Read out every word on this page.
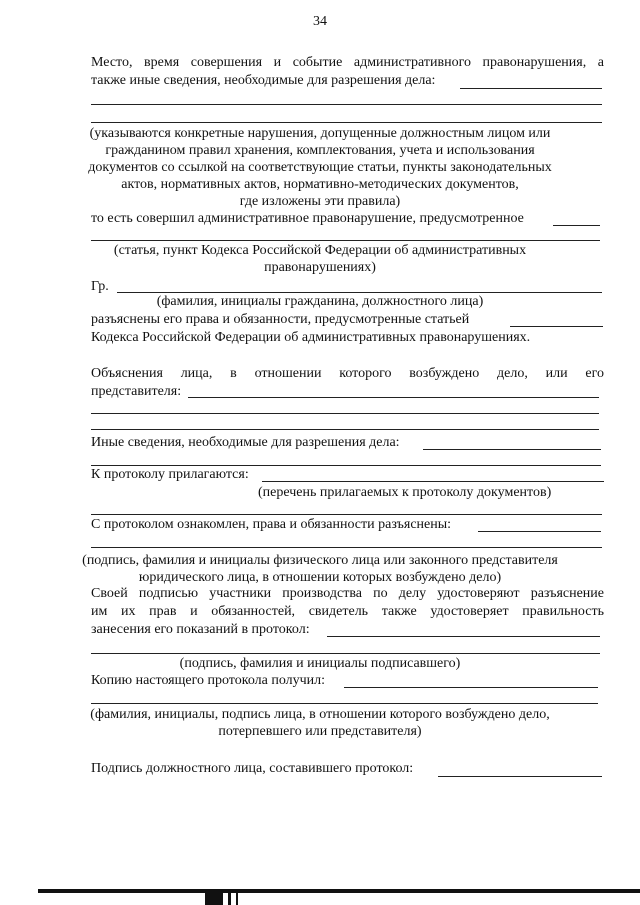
34
Место, время совершения и событие административного правонарушения, а
также иные сведения, необходимые для разрешения дела:
(указываются конкретные нарушения, допущенные должностным лицом или
гражданином правил хранения, комплектования, учета и использования
документов со ссылкой на соответствующие статьи, пункты законодательных
актов, нормативных актов, нормативно-методических документов,
где изложены эти правила)
то есть совершил административное правонарушение, предусмотренное
(статья, пункт Кодекса Российской Федерации об административных
правонарушениях)
Гр.
(фамилия, инициалы гражданина, должностного лица)
разъяснены его права и обязанности, предусмотренные статьей
Кодекса Российской Федерации об административных правонарушениях.
Объяснения лица, в отношении которого возбуждено дело, или его
представителя:
Иные сведения, необходимые для разрешения дела:
К протоколу прилагаются:
(перечень прилагаемых к протоколу документов)
С протоколом ознакомлен, права и обязанности разъяснены:
(подпись, фамилия и инициалы физического лица или законного представителя
юридического лица, в отношении которых возбуждено дело)
Своей подписью участники производства по делу удостоверяют разъяснение
им их прав и обязанностей, свидетель также удостоверяет правильность
занесения его показаний в протокол:
(подпись, фамилия и инициалы подписавшего)
Копию настоящего протокола получил:
(фамилия, инициалы, подпись лица, в отношении которого возбуждено дело,
потерпевшего или представителя)
Подпись должностного лица, составившего протокол:
